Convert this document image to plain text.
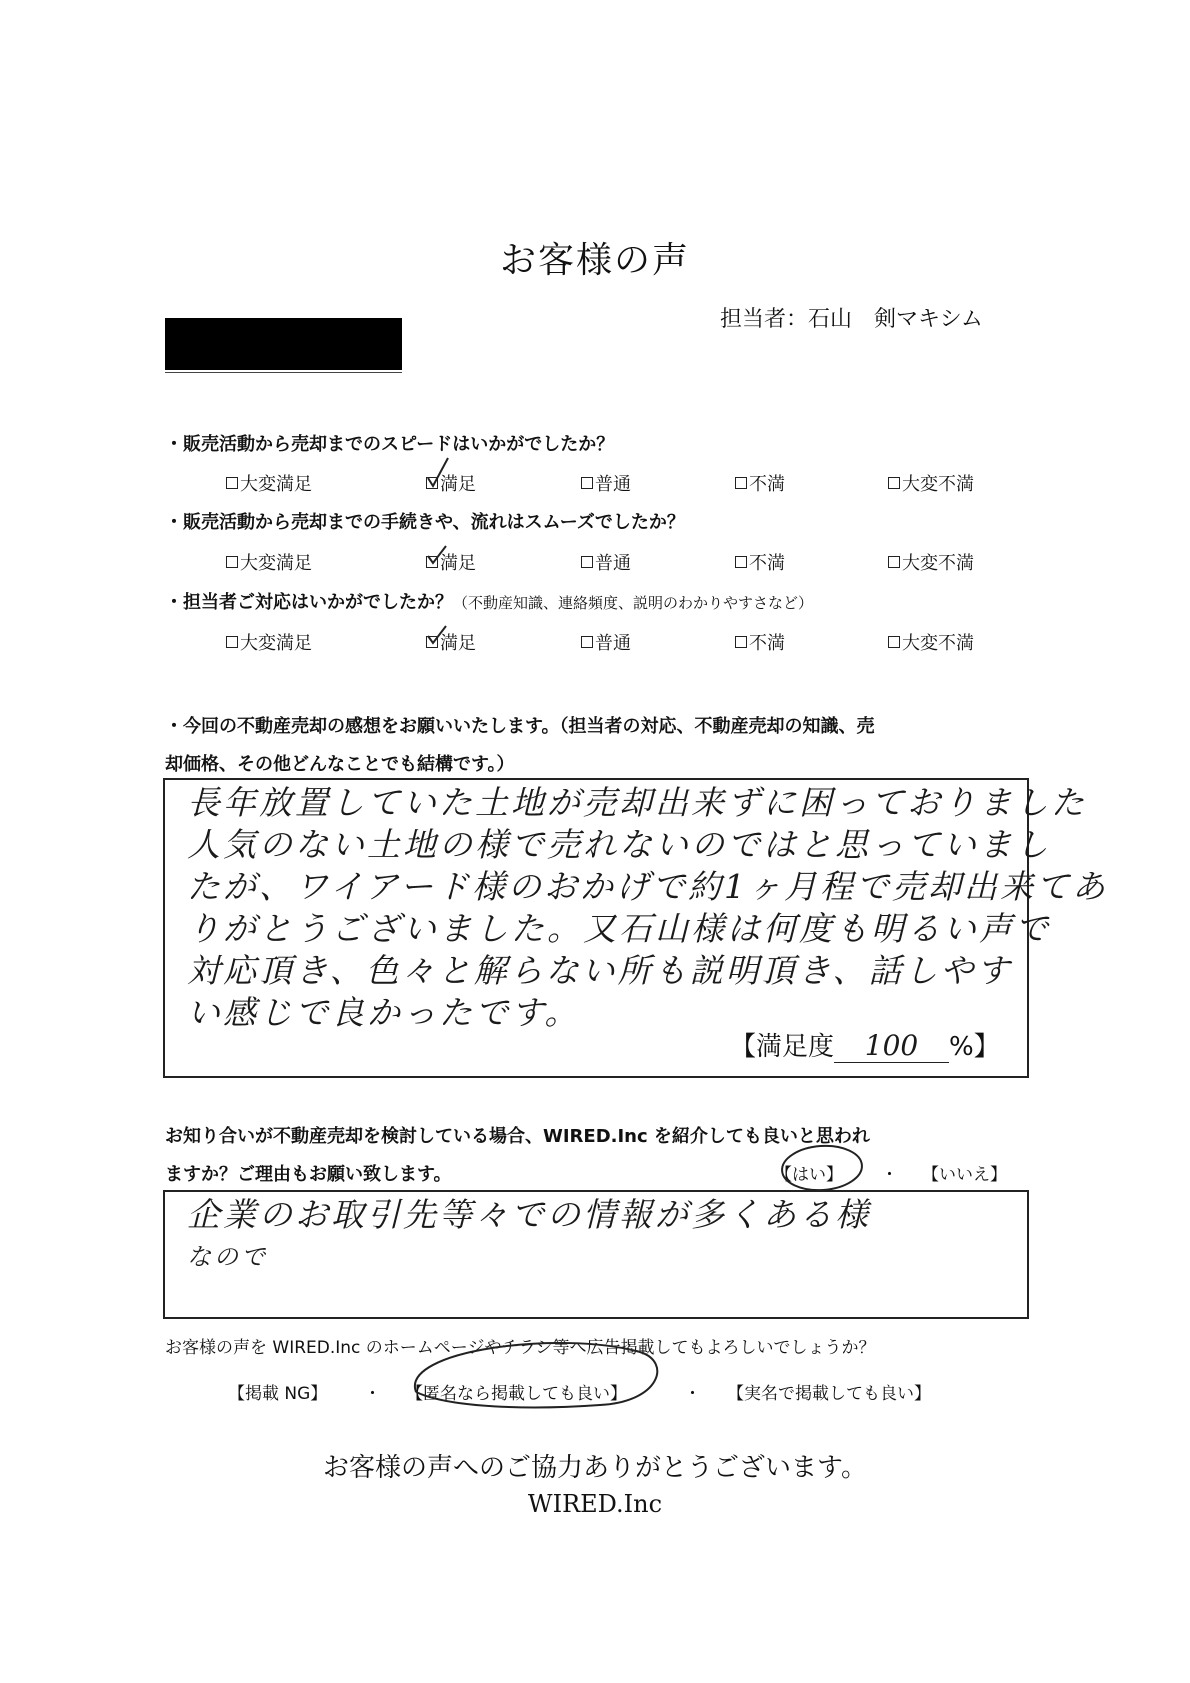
お客様の声
担当者：石山　剣マキシム
・販売活動から売却までのスピードはいかがでしたか？
大変満足	満足	普通	不満	大変不満
・販売活動から売却までの手続きや、流れはスムーズでしたか？
大変満足	満足	普通	不満	大変不満
・担当者ご対応はいかがでしたか？（不動産知識、連絡頻度、説明のわかりやすさなど）
大変満足	満足	普通	不満	大変不満
・今回の不動産売却の感想をお願いいたします。（担当者の対応、不動産売却の知識、売
却価格、その他どんなことでも結構です。）
長年放置していた土地が売却出来ずに困っておりました
人気のない土地の様で売れないのではと思っていまし
たが、ワイアード様のおかげで約1ヶ月程で売却出来てあ
りがとうございました。又石山様は何度も明るい声で
対応頂き、色々と解らない所も説明頂き、話しやす
い感じで良かったです。
【満足度 100 %】
お知り合いが不動産売却を検討している場合、WIRED.Inc を紹介しても良いと思われ
ますか？ご理由もお願い致します。	【はい】 ・ 【いいえ】
企業のお取引先等々での情報が多くある様
なので
お客様の声を WIRED.Inc のホームページやチラシ等へ広告掲載してもよろしいでしょうか？
【掲載 NG】 ・ 【匿名なら掲載しても良い】	・ 【実名で掲載しても良い】
お客様の声へのご協力ありがとうございます。
WIRED.Inc
